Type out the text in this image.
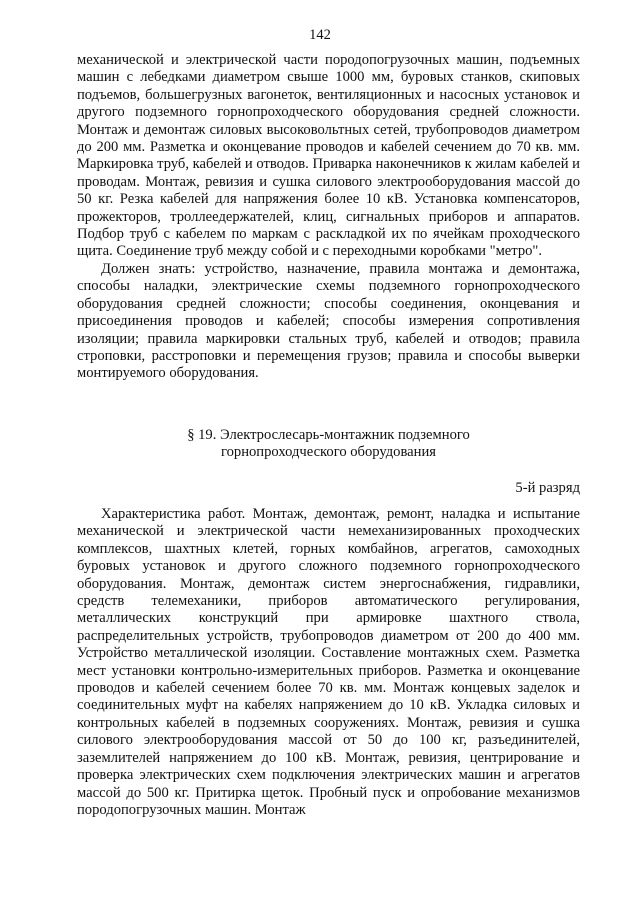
142

механической и электрической части породопогрузочных машин, подъемных машин с лебедками диаметром свыше 1000 мм, буровых станков, скиповых подъемов, большегрузных вагонеток, вентиляционных и насосных установок и другого подземного горнопроходческого оборудования средней сложности. Монтаж и демонтаж силовых высоковольтных сетей, трубопроводов диаметром до 200 мм. Разметка и оконцевание проводов и кабелей сечением до 70 кв. мм. Маркировка труб, кабелей и отводов. Приварка наконечников к жилам кабелей и проводам. Монтаж, ревизия и сушка силового электрооборудования массой до 50 кг. Резка кабелей для напряжения более 10 кВ. Установка компенсаторов, прожекторов, троллеедержателей, клиц, сигнальных приборов и аппаратов. Подбор труб с кабелем по маркам с раскладкой их по ячейкам проходческого щита. Соединение труб между собой и с переходными коробками "метро".

Должен знать: устройство, назначение, правила монтажа и демонтажа, способы наладки, электрические схемы подземного горнопроходческого оборудования средней сложности; способы соединения, оконцевания и присоединения проводов и кабелей; способы измерения сопротивления изоляции; правила маркировки стальных труб, кабелей и отводов; правила строповки, расстроповки и перемещения грузов; правила и способы выверки монтируемого оборудования.

§ 19. Электрослесарь-монтажник подземного
горнопроходческого оборудования
5-й разряд

Характеристика работ. Монтаж, демонтаж, ремонт, наладка и испытание механической и электрической части немеханизированных проходческих комплексов, шахтных клетей, горных комбайнов, агрегатов, самоходных буровых установок и другого сложного подземного горнопроходческого оборудования. Монтаж, демонтаж систем энергоснабжения, гидравлики, средств телемеханики, приборов автоматического регулирования, металлических конструкций при армировке шахтного ствола, распределительных устройств, трубопроводов диаметром от 200 до 400 мм. Устройство металлической изоляции. Составление монтажных схем. Разметка мест установки контрольно-измерительных приборов. Разметка и оконцевание проводов и кабелей сечением более 70 кв. мм. Монтаж концевых заделок и соединительных муфт на кабелях напряжением до 10 кВ. Укладка силовых и контрольных кабелей в подземных сооружениях. Монтаж, ревизия и сушка силового электрооборудования массой от 50 до 100 кг, разъединителей, заземлителей напряжением до 100 кВ. Монтаж, ревизия, центрирование и проверка электрических схем подключения электрических машин и агрегатов массой до 500 кг. Притирка щеток. Пробный пуск и опробование механизмов породопогрузочных машин. Монтаж
